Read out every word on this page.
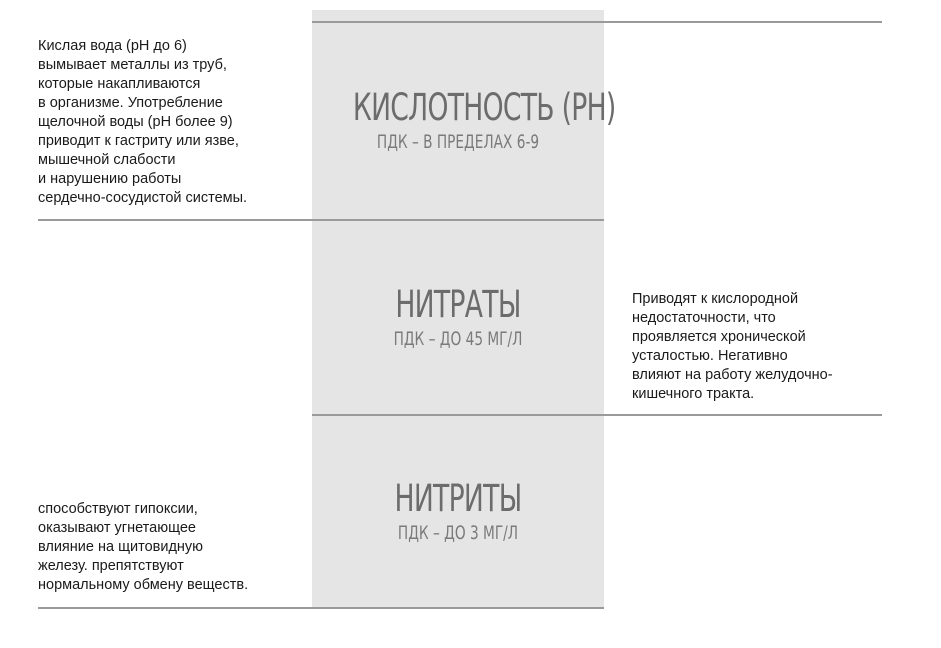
КИСЛОТНОСТЬ (PH)
ПДК – В ПРЕДЕЛАХ 6-9
Кислая вода (рН до 6)
вымывает металлы из труб,
которые накапливаются
в организме. Употребление
щелочной воды (рН более 9)
приводит к гастриту или язве,
мышечной слабости
и нарушению работы
сердечно-сосудистой системы.
НИТРАТЫ
ПДК – ДО 45 МГ/Л
Приводят к кислородной
недостаточности, что
проявляется хронической
усталостью. Негативно
влияют на работу желудочно-
кишечного тракта.
НИТРИТЫ
ПДК – ДО 3 МГ/Л
способствуют гипоксии,
оказывают угнетающее
влияние на щитовидную
железу. препятствуют
нормальному обмену веществ.
